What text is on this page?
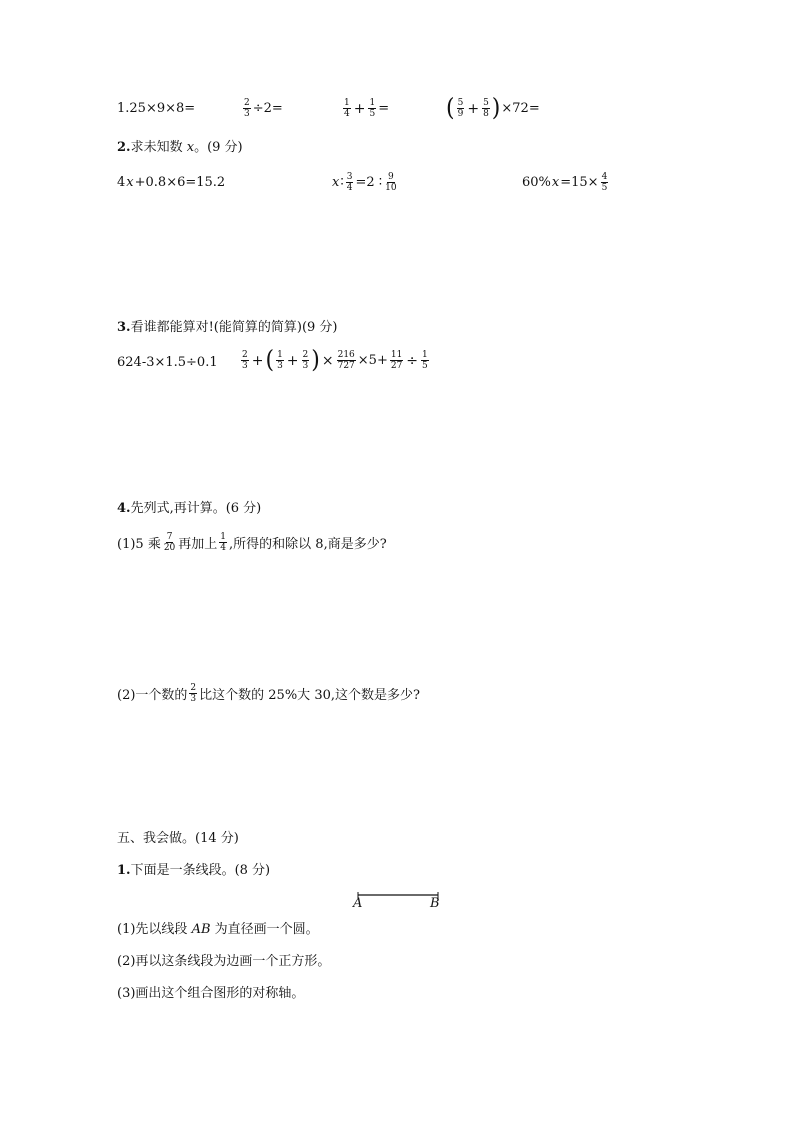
1.25×9×8=	$\frac{2}{3} \div 2=$	$\frac{1}{4} + \frac{1}{5}$ =	( $\frac{5}{9} + \frac{5}{8}$ ) ×72=
2.求未知数 x。(9 分)
4 x +0.8×6=15.2	x ∶ $\frac{3}{4} =2$ ∶ $\frac{9}{10}$	60% $x =15\times \frac{4}{5}$
3.看谁都能算对!(能简算的简算)(9 分)
624-3×1.5÷0.1	$\frac{2}{3}$ + ( $\frac{1}{3} + \frac{2}{3}$ ) × $\frac{216}{727} \times 5+ \frac{11}{27} \div \frac{1}{5}$
4.先列式,再计算。(6 分)
(1)5 乘 $\frac{7}{20}$ 再加上 $\frac{1}{4}$ ,所得的和除以 8,商是多少?
(2)一个数的 $\frac{2}{3}$ 比这个数的 25%大 30,这个数是多少?
五、我会做。(14 分)
1.下面是一条线段。(8 分)
A	B
(1)先以线段 AB 为直径画一个圆。
(2)再以这条线段为边画一个正方形。
(3)画出这个组合图形的对称轴。
